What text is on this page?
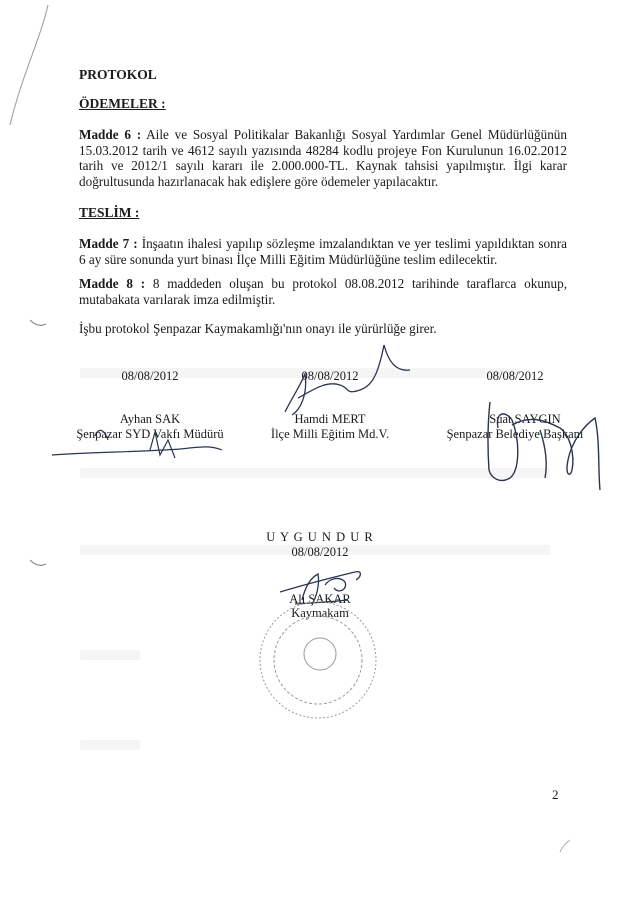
PROTOKOL
ÖDEMELER :
Madde 6 : Aile ve Sosyal Politikalar Bakanlığı Sosyal Yardımlar Genel Müdürlüğünün 15.03.2012 tarih ve 4612 sayılı yazısında 48284 kodlu projeye Fon Kurulunun 16.02.2012 tarih ve 2012/1 sayılı kararı ile 2.000.000-TL. Kaynak tahsisi yapılmıştır. İlgi karar doğrultusunda hazırlanacak hak edişlere göre ödemeler yapılacaktır.
TESLİM :
Madde 7 : İnşaatın ihalesi yapılıp sözleşme imzalandıktan ve yer teslimi yapıldıktan sonra 6 ay süre sonunda yurt binası İlçe Milli Eğitim Müdürlüğüne teslim edilecektir.
Madde 8 : 8 maddeden oluşan bu protokol 08.08.2012 tarihinde taraflarca okunup, mutabakata varılarak imza edilmiştir.
İşbu protokol Şenpazar Kaymakamlığı'nın onayı ile yürürlüğe girer.
08/08/2012
Ayhan SAK
Şenpazar SYD Vakfı Müdürü
08/08/2012
Hamdi MERT
İlçe Milli Eğitim Md.V.
08/08/2012
Suat SAYGIN
Şenpazar Belediye Başkanı
U Y G U N D U R
08/08/2012
Ali ŞAKAR
Kaymakam
2
